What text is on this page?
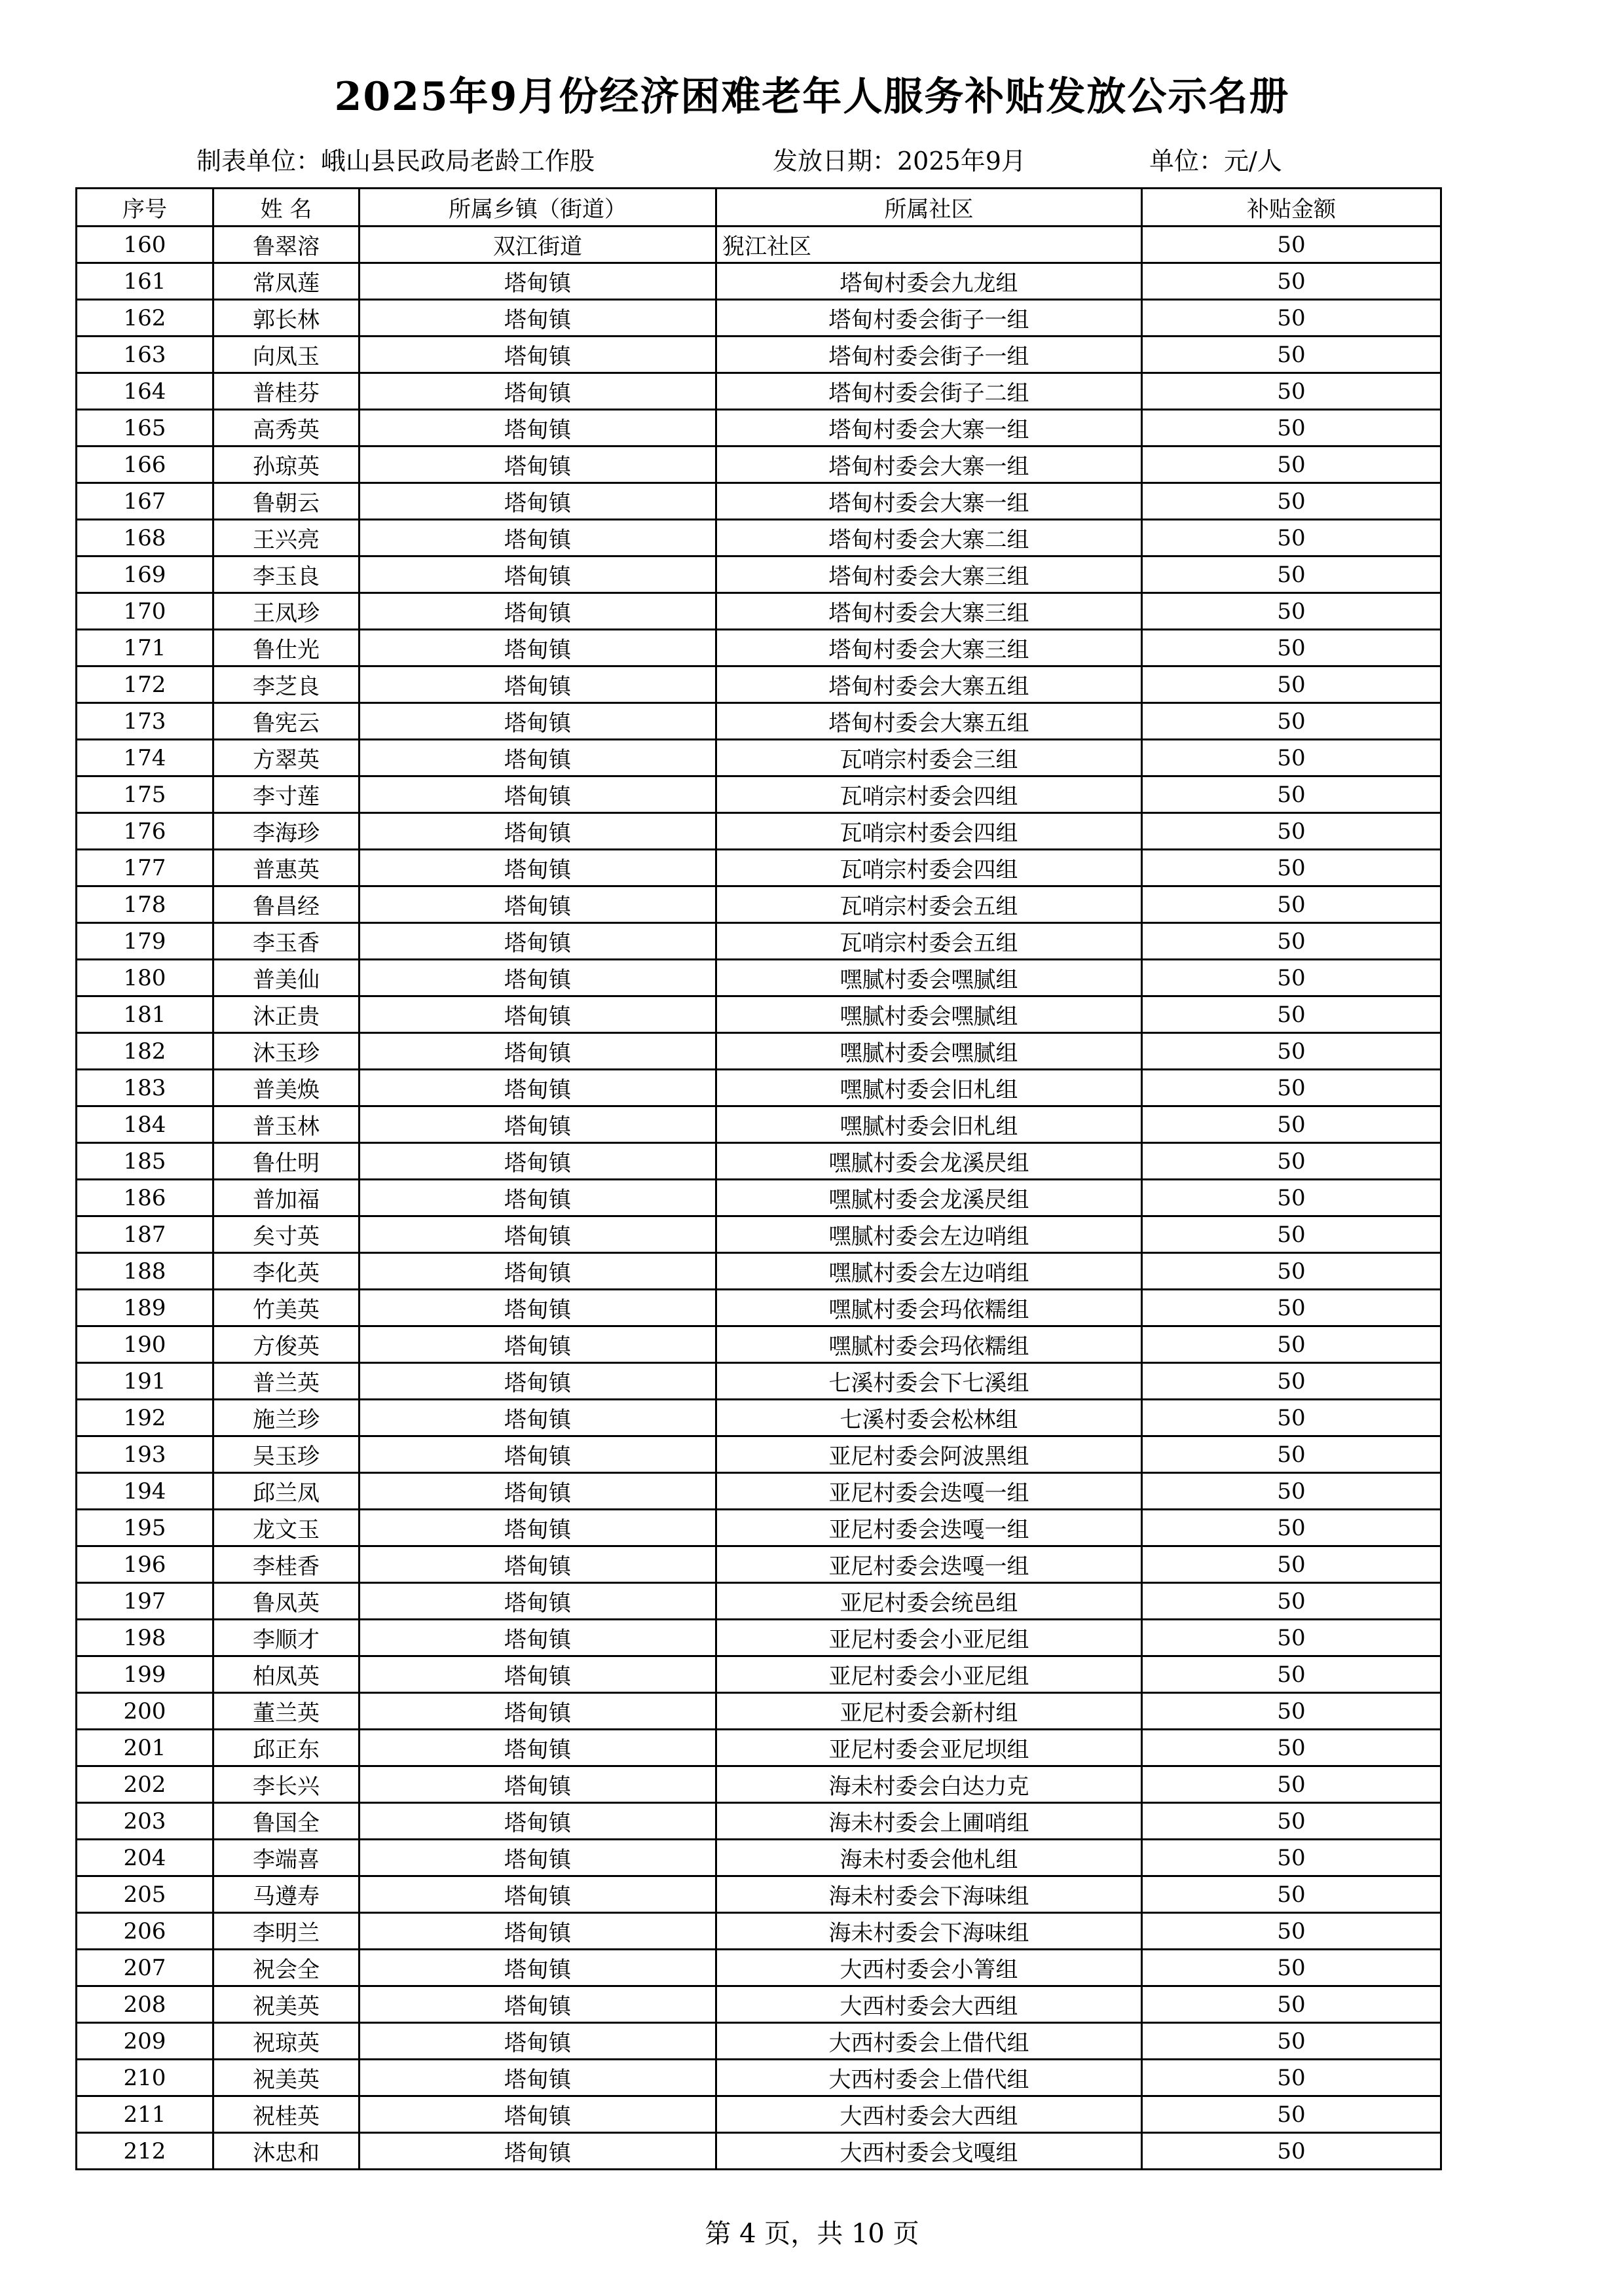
2025年9月份经济困难老年人服务补贴发放公示名册
制表单位：峨山县民政局老龄工作股	发放日期：2025年9月	单位：元/人
序号	姓 名	所属乡镇（街道）	所属社区	补贴金额
160	鲁翠溶	双江街道	猊江社区	50
161	常凤莲	塔甸镇	塔甸村委会九龙组	50
162	郭长林	塔甸镇	塔甸村委会街子一组	50
163	向凤玉	塔甸镇	塔甸村委会街子一组	50
164	普桂芬	塔甸镇	塔甸村委会街子二组	50
165	高秀英	塔甸镇	塔甸村委会大寨一组	50
166	孙琼英	塔甸镇	塔甸村委会大寨一组	50
167	鲁朝云	塔甸镇	塔甸村委会大寨一组	50
168	王兴亮	塔甸镇	塔甸村委会大寨二组	50
169	李玉良	塔甸镇	塔甸村委会大寨三组	50
170	王凤珍	塔甸镇	塔甸村委会大寨三组	50
171	鲁仕光	塔甸镇	塔甸村委会大寨三组	50
172	李芝良	塔甸镇	塔甸村委会大寨五组	50
173	鲁宪云	塔甸镇	塔甸村委会大寨五组	50
174	方翠英	塔甸镇	瓦哨宗村委会三组	50
175	李寸莲	塔甸镇	瓦哨宗村委会四组	50
176	李海珍	塔甸镇	瓦哨宗村委会四组	50
177	普惠英	塔甸镇	瓦哨宗村委会四组	50
178	鲁昌经	塔甸镇	瓦哨宗村委会五组	50
179	李玉香	塔甸镇	瓦哨宗村委会五组	50
180	普美仙	塔甸镇	嘿腻村委会嘿腻组	50
181	沐正贵	塔甸镇	嘿腻村委会嘿腻组	50
182	沐玉珍	塔甸镇	嘿腻村委会嘿腻组	50
183	普美焕	塔甸镇	嘿腻村委会旧札组	50
184	普玉林	塔甸镇	嘿腻村委会旧札组	50
185	鲁仕明	塔甸镇	嘿腻村委会龙溪昃组	50
186	普加福	塔甸镇	嘿腻村委会龙溪昃组	50
187	矣寸英	塔甸镇	嘿腻村委会左边哨组	50
188	李化英	塔甸镇	嘿腻村委会左边哨组	50
189	竹美英	塔甸镇	嘿腻村委会玛依糯组	50
190	方俊英	塔甸镇	嘿腻村委会玛依糯组	50
191	普兰英	塔甸镇	七溪村委会下七溪组	50
192	施兰珍	塔甸镇	七溪村委会松林组	50
193	吴玉珍	塔甸镇	亚尼村委会阿波黑组	50
194	邱兰凤	塔甸镇	亚尼村委会迭嘎一组	50
195	龙文玉	塔甸镇	亚尼村委会迭嘎一组	50
196	李桂香	塔甸镇	亚尼村委会迭嘎一组	50
197	鲁凤英	塔甸镇	亚尼村委会统邑组	50
198	李顺才	塔甸镇	亚尼村委会小亚尼组	50
199	柏凤英	塔甸镇	亚尼村委会小亚尼组	50
200	董兰英	塔甸镇	亚尼村委会新村组	50
201	邱正东	塔甸镇	亚尼村委会亚尼坝组	50
202	李长兴	塔甸镇	海未村委会白达力克	50
203	鲁国全	塔甸镇	海未村委会上圃哨组	50
204	李端喜	塔甸镇	海未村委会他札组	50
205	马遵寿	塔甸镇	海未村委会下海味组	50
206	李明兰	塔甸镇	海未村委会下海味组	50
207	祝会全	塔甸镇	大西村委会小箐组	50
208	祝美英	塔甸镇	大西村委会大西组	50
209	祝琼英	塔甸镇	大西村委会上借代组	50
210	祝美英	塔甸镇	大西村委会上借代组	50
211	祝桂英	塔甸镇	大西村委会大西组	50
212	沐忠和	塔甸镇	大西村委会戈嘎组	50
第 4 页，共 10 页
